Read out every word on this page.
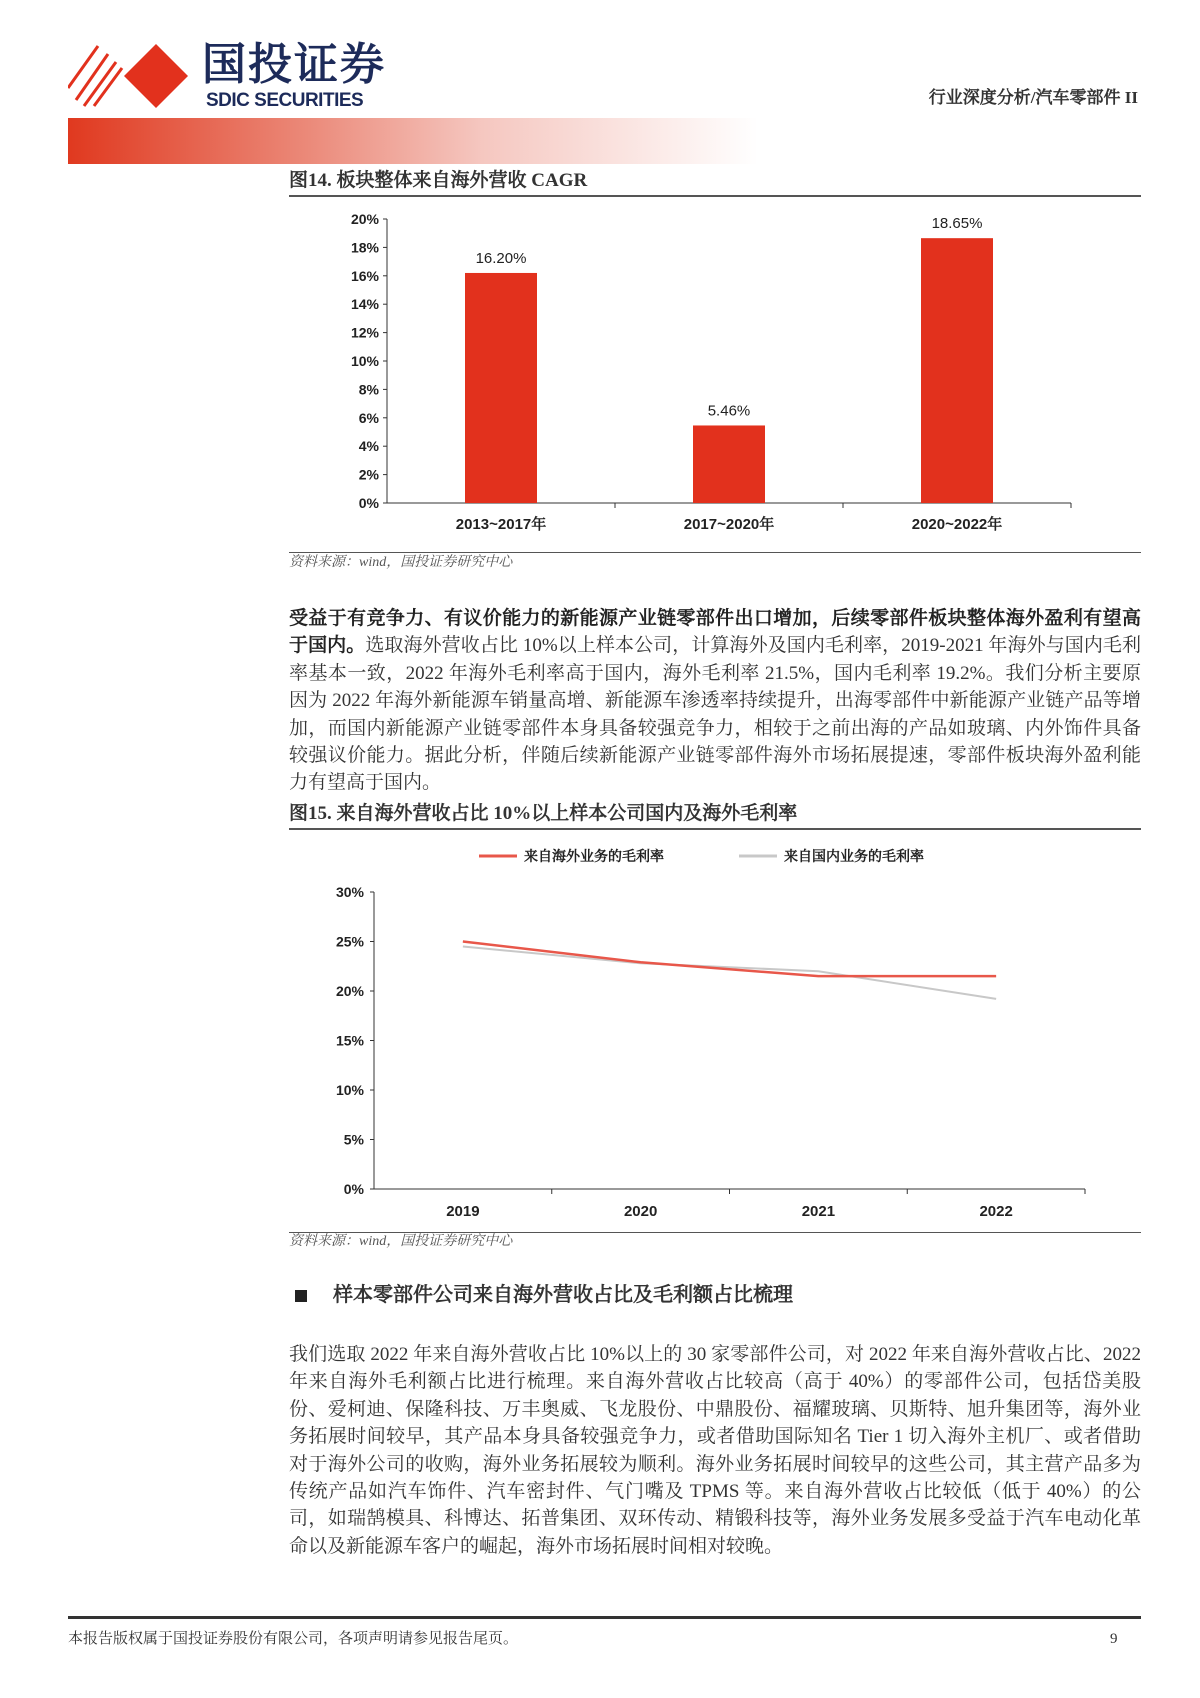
国投证券
SDIC SECURITIES	行业深度分析/汽车零部件 II
图14. 板块整体来自海外营收 CAGR
0%
2%
4%
6%
8%
10%
12%
14%
16%
18%
20%
16.20%
2013~2017年
5.46%
2017~2020年
18.65%
2020~2022年
资料来源：wind，国投证券研究中心
受益于有竞争力、有议价能力的新能源产业链零部件出口增加，后续零部件板块整体海外盈利有望高于国内。选取海外营收占比 10%以上样本公司，计算海外及国内毛利率，2019-2021 年海外与国内毛利率基本一致，2022 年海外毛利率高于国内，海外毛利率 21.5%，国内毛利率 19.2%。我们分析主要原因为 2022 年海外新能源车销量高增、新能源车渗透率持续提升，出海零部件中新能源产业链产品等增加，而国内新能源产业链零部件本身具备较强竞争力，相较于之前出海的产品如玻璃、内外饰件具备较强议价能力。据此分析，伴随后续新能源产业链零部件海外市场拓展提速，零部件板块海外盈利能力有望高于国内。
图15. 来自海外营收占比 10%以上样本公司国内及海外毛利率
来自海外业务的毛利率	来自国内业务的毛利率
0%
5%
10%
15%
20%
25%
30%
2019	2020	2021	2022
资料来源：wind，国投证券研究中心
样本零部件公司来自海外营收占比及毛利额占比梳理
我们选取 2022 年来自海外营收占比 10%以上的 30 家零部件公司，对 2022 年来自海外营收占比、2022 年来自海外毛利额占比进行梳理。来自海外营收占比较高（高于 40%）的零部件公司，包括岱美股份、爱柯迪、保隆科技、万丰奥威、飞龙股份、中鼎股份、福耀玻璃、贝斯特、旭升集团等，海外业务拓展时间较早，其产品本身具备较强竞争力，或者借助国际知名 Tier 1 切入海外主机厂、或者借助对于海外公司的收购，海外业务拓展较为顺利。海外业务拓展时间较早的这些公司，其主营产品多为传统产品如汽车饰件、汽车密封件、气门嘴及 TPMS 等。来自海外营收占比较低（低于 40%）的公司，如瑞鹄模具、科博达、拓普集团、双环传动、精锻科技等，海外业务发展多受益于汽车电动化革命以及新能源车客户的崛起，海外市场拓展时间相对较晚。
本报告版权属于国投证券股份有限公司，各项声明请参见报告尾页。	9
